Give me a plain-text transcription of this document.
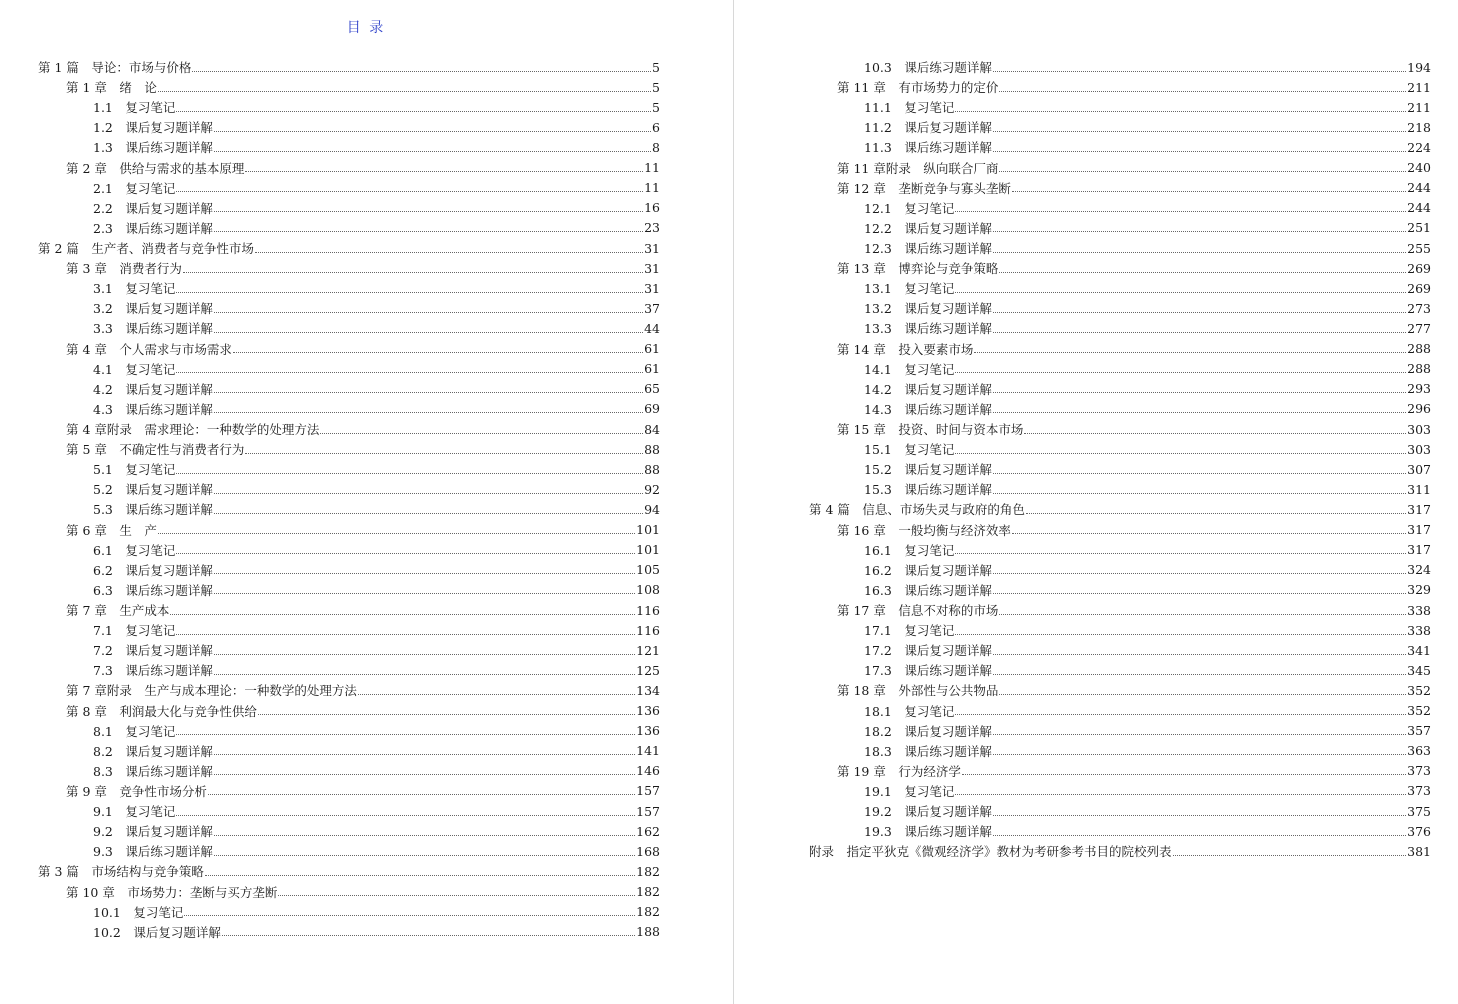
目 录
第 1 篇　导论：市场与价格	5
第 1 章　绪　论	5
1.1　复习笔记	5
1.2　课后复习题详解	6
1.3　课后练习题详解	8
第 2 章　供给与需求的基本原理	11
2.1　复习笔记	11
2.2　课后复习题详解	16
2.3　课后练习题详解	23
第 2 篇　生产者、消费者与竞争性市场	31
第 3 章　消费者行为	31
3.1　复习笔记	31
3.2　课后复习题详解	37
3.3　课后练习题详解	44
第 4 章　个人需求与市场需求	61
4.1　复习笔记	61
4.2　课后复习题详解	65
4.3　课后练习题详解	69
第 4 章附录　需求理论：一种数学的处理方法	84
第 5 章　不确定性与消费者行为	88
5.1　复习笔记	88
5.2　课后复习题详解	92
5.3　课后练习题详解	94
第 6 章　生　产	101
6.1　复习笔记	101
6.2　课后复习题详解	105
6.3　课后练习题详解	108
第 7 章　生产成本	116
7.1　复习笔记	116
7.2　课后复习题详解	121
7.3　课后练习题详解	125
第 7 章附录　生产与成本理论：一种数学的处理方法	134
第 8 章　利润最大化与竞争性供给	136
8.1　复习笔记	136
8.2　课后复习题详解	141
8.3　课后练习题详解	146
第 9 章　竞争性市场分析	157
9.1　复习笔记	157
9.2　课后复习题详解	162
9.3　课后练习题详解	168
第 3 篇　市场结构与竞争策略	182
第 10 章　市场势力：垄断与买方垄断	182
10.1　复习笔记	182
10.2　课后复习题详解	188
10.3　课后练习题详解	194
第 11 章　有市场势力的定价	211
11.1　复习笔记	211
11.2　课后复习题详解	218
11.3　课后练习题详解	224
第 11 章附录　纵向联合厂商	240
第 12 章　垄断竞争与寡头垄断	244
12.1　复习笔记	244
12.2　课后复习题详解	251
12.3　课后练习题详解	255
第 13 章　博弈论与竞争策略	269
13.1　复习笔记	269
13.2　课后复习题详解	273
13.3　课后练习题详解	277
第 14 章　投入要素市场	288
14.1　复习笔记	288
14.2　课后复习题详解	293
14.3　课后练习题详解	296
第 15 章　投资、时间与资本市场	303
15.1　复习笔记	303
15.2　课后复习题详解	307
15.3　课后练习题详解	311
第 4 篇　信息、市场失灵与政府的角色	317
第 16 章　一般均衡与经济效率	317
16.1　复习笔记	317
16.2　课后复习题详解	324
16.3　课后练习题详解	329
第 17 章　信息不对称的市场	338
17.1　复习笔记	338
17.2　课后复习题详解	341
17.3　课后练习题详解	345
第 18 章　外部性与公共物品	352
18.1　复习笔记	352
18.2　课后复习题详解	357
18.3　课后练习题详解	363
第 19 章　行为经济学	373
19.1　复习笔记	373
19.2　课后复习题详解	375
19.3　课后练习题详解	376
附录　指定平狄克《微观经济学》教材为考研参考书目的院校列表	381
